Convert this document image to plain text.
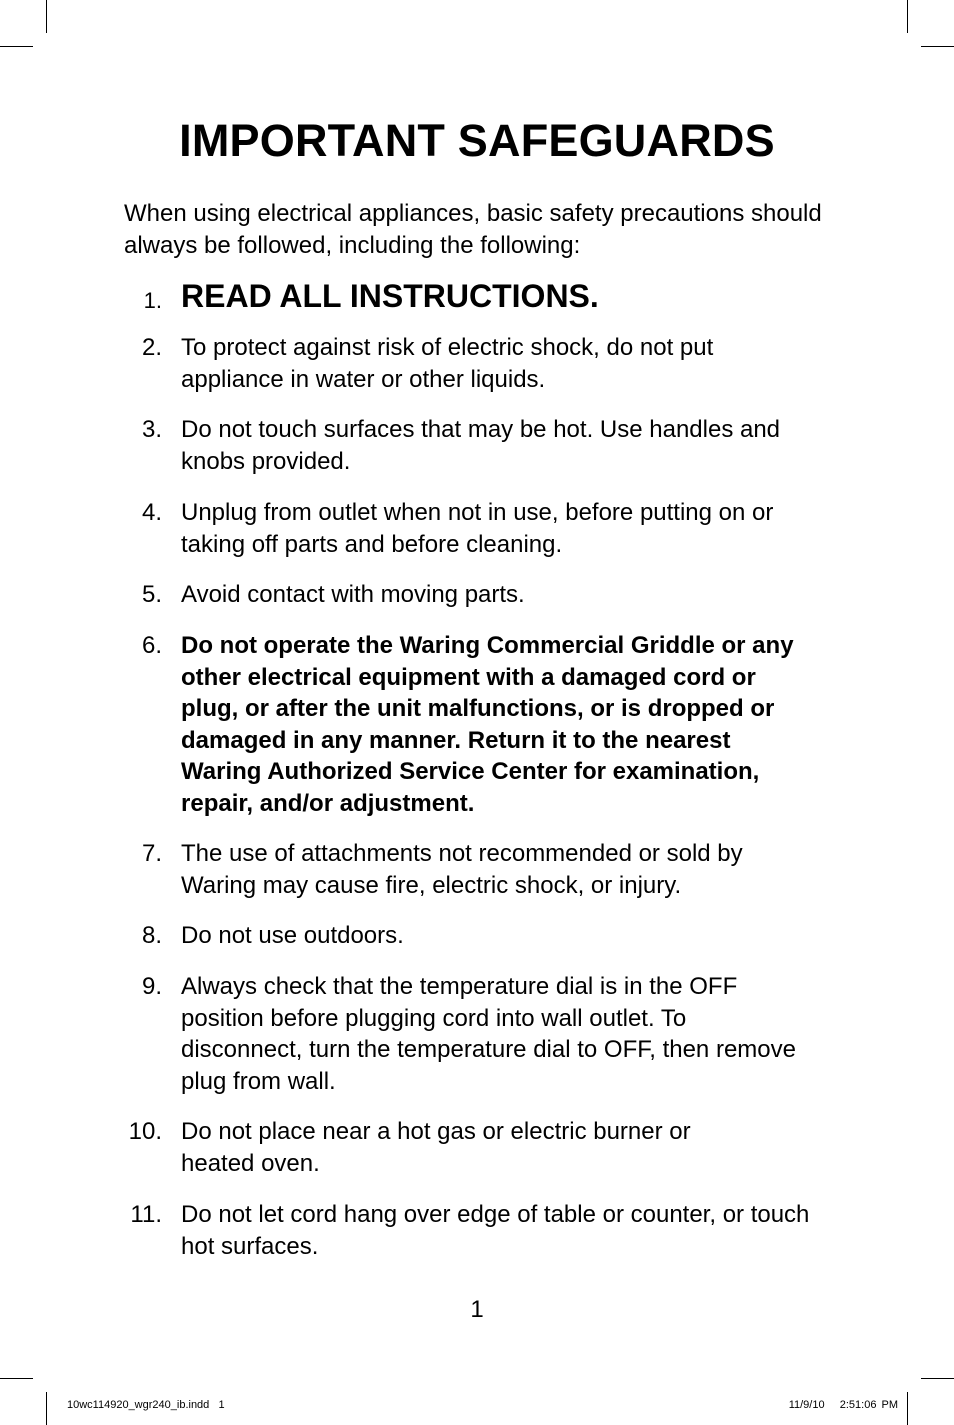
IMPORTANT SAFEGUARDS

When using electrical appliances, basic safety precautions should always be followed, including the following:

1. READ ALL INSTRUCTIONS.
2. To protect against risk of electric shock, do not put appliance in water or other liquids.
3. Do not touch surfaces that may be hot. Use handles and knobs provided.
4. Unplug from outlet when not in use, before putting on or taking off parts and before cleaning.
5. Avoid contact with moving parts.
6. Do not operate the Waring Commercial Griddle or any other electrical equipment with a damaged cord or plug, or after the unit malfunctions, or is dropped or damaged in any manner. Return it to the nearest Waring Authorized Service Center for examination, repair, and/or adjustment.
7. The use of attachments not recommended or sold by Waring may cause fire, electric shock, or injury.
8. Do not use outdoors.
9. Always check that the temperature dial is in the OFF position before plugging cord into wall outlet. To disconnect, turn the temperature dial to OFF, then remove plug from wall.
10. Do not place near a hot gas or electric burner or heated oven.
11. Do not let cord hang over edge of table or counter, or touch hot surfaces.
1
10wc114920_wgr240_ib.indd   1	11/9/10   2:51:06 PM
